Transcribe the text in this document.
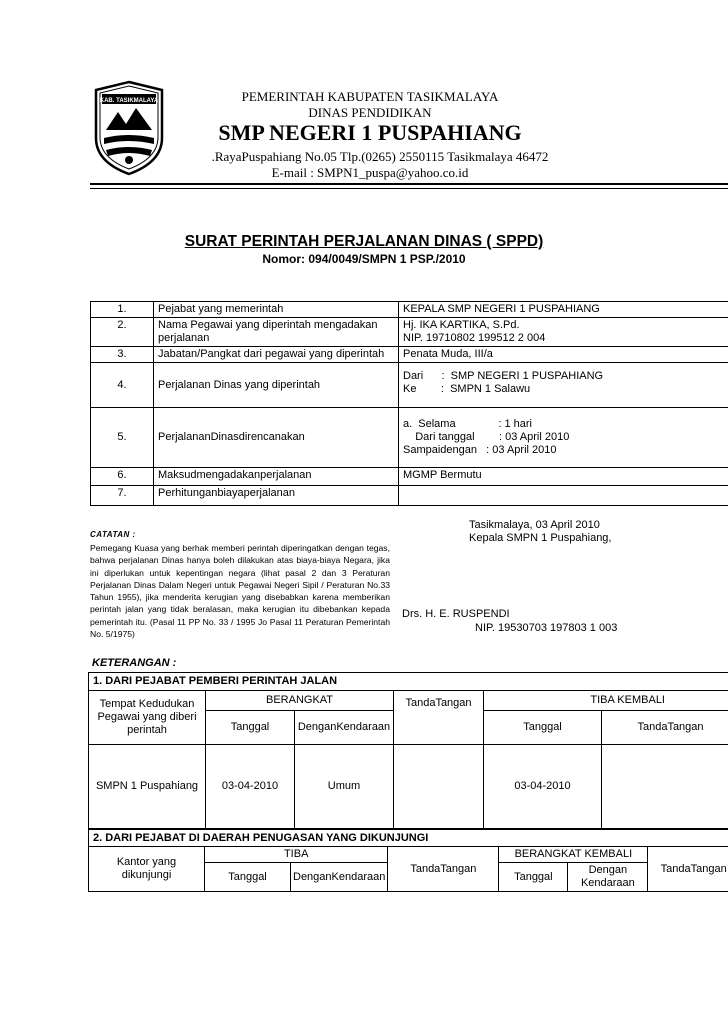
KAB. TASIKMALAYA	PEMERINTAH KABUPATEN TASIKMALAYA
DINAS PENDIDIKAN
SMP NEGERI 1 PUSPAHIANG
.RayaPuspahiang No.05 Tlp.(0265) 2550115 Tasikmalaya 46472
E-mail : SMPN1_puspa@yahoo.co.id
SURAT PERINTAH PERJALANAN DINAS ( SPPD)
Nomor: 094/0049/SMPN 1 PSP./2010
1.	Pejabat yang memerintah	KEPALA SMP NEGERI 1 PUSPAHIANG
2.	Nama Pegawai yang diperintah mengadakan perjalanan	Hj. IKA KARTIKA, S.Pd.
NIP. 19710802 199512 2 004

3.	Jabatan/Pangkat dari pegawai yang diperintah	Penata Muda, III/a
4.	Perjalanan Dinas yang diperintah	Dari      :  SMP NEGERI 1 PUSPAHIANG
Ke        :  SMPN 1 Salawu

5.	PerjalananDinasdirencanakan	a.  Selama              : 1 hari
Dari tanggal        : 03 April 2010
Sampaidengan   : 03 April 2010

6.	Maksudmengadakanperjalanan	MGMP Bermutu
7.	Perhitunganbiayaperjalanan	
CATATAN :
Pemegang Kuasa yang berhak memberi perintah diperingatkan dengan tegas, bahwa perjalanan Dinas hanya boleh dilakukan atas biaya-biaya Negara, jika ini diperlukan untuk kepentingan negara (lihat pasal 2 dan 3 Peraturan Perjalanan Dinas Dalam Negeri untuk Pegawai Negeri Sipil / Peraturan No.33 Tahun 1955), jika menderita kerugian yang disebabkan karena memberikan perintah jalan yang tidak beralasan, maka kerugian itu dibebankan kepada pemerintah itu. (Pasal 11 PP No. 33 / 1995 Jo Pasal 11 Peraturan Pemerintah No. 5/1975)
Tasikmalaya, 03 April 2010
Kepala SMPN 1 Puspahiang,
Drs. H. E. RUSPENDI
NIP. 19530703 197803 1 003
KETERANGAN :
1. DARI PEJABAT PEMBERI PERINTAH JALAN					
Tempat Kedudukan Pegawai yang diberi perintah	BERANGKAT		TandaTangan	TIBA KEMBALI	
	Tanggal	DenganKendaraan		Tanggal	TandaTangan
SMPN 1 Puspahiang	03-04-2010	Umum		03-04-2010	
2. DARI PEJABAT DI DAERAH PENUGASAN YANG DIKUNJUNGI						
Kantor yang dikunjungi	TIBA		TandaTangan	BERANGKAT KEMBALI		TandaTangan
	Tanggal	DenganKendaraan		Tanggal	Dengan Kendaraan	
